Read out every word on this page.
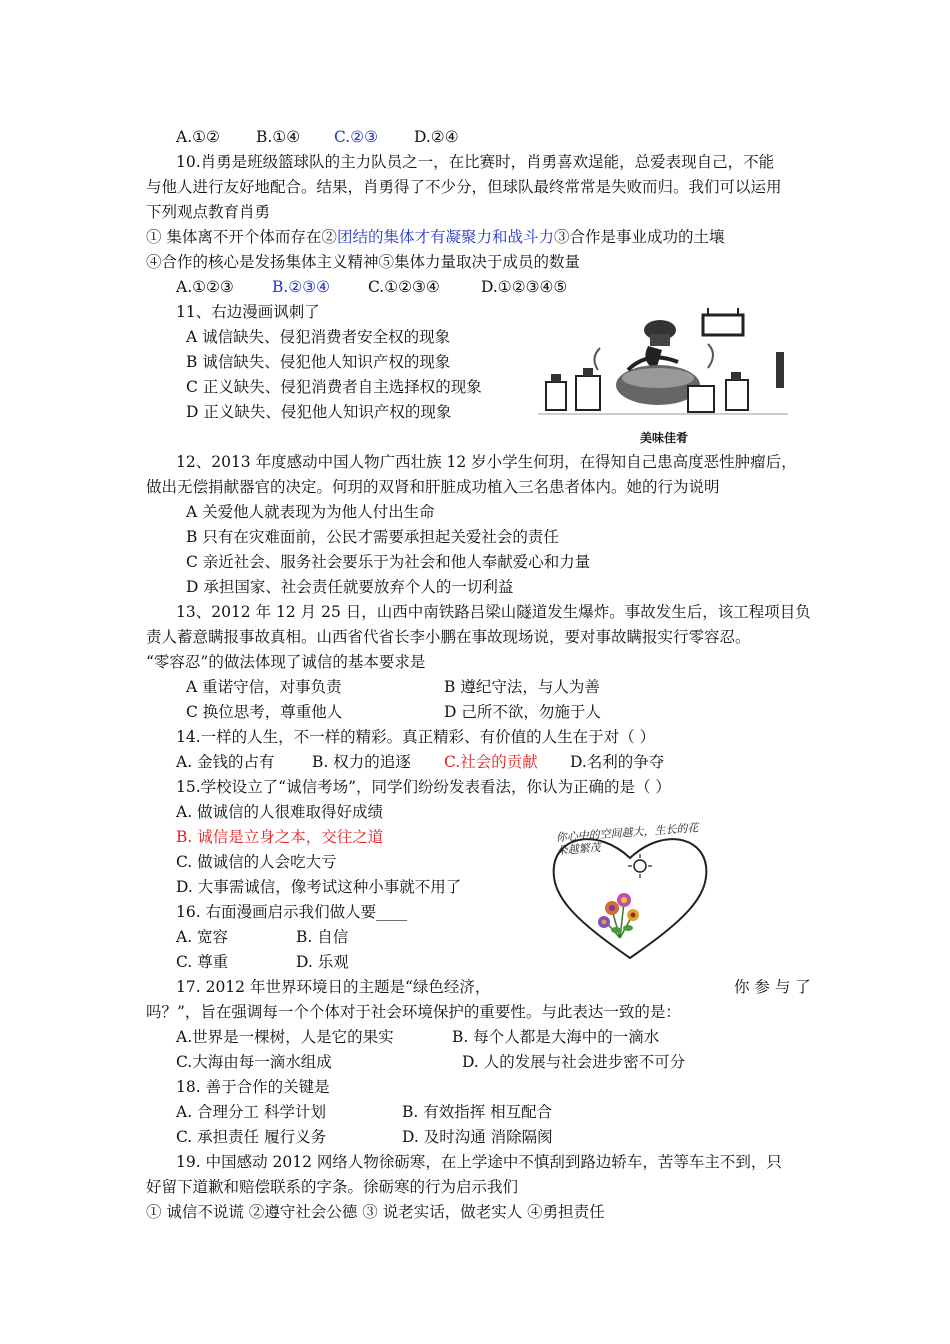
A.①② B.①④ C.②③ D.②④
10.肖勇是班级篮球队的主力队员之一，在比赛时，肖勇喜欢逞能，总爱表现自己，不能
与他人进行友好地配合。结果，肖勇得了不少分，但球队最终常常是失败而归。我们可以运用
下列观点教育肖勇
① 集体离不开个体而存在②团结的集体才有凝聚力和战斗力③合作是事业成功的土壤
④合作的核心是发扬集体主义精神⑤集体力量取决于成员的数量
A.①②③ B.②③④ C.①②③④	D.①②③④⑤
11、右边漫画讽刺了
A 诚信缺失、侵犯消费者安全权的现象
B 诚信缺失、侵犯他人知识产权的现象
C 正义缺失、侵犯消费者自主选择权的现象
D 正义缺失、侵犯他人知识产权的现象
美味佳肴
12、2013 年度感动中国人物广西壮族 12 岁小学生何玥，在得知自己患高度恶性肿瘤后，
做出无偿捐献器官的决定。何玥的双肾和肝脏成功植入三名患者体内。她的行为说明
A 关爱他人就表现为为他人付出生命
B 只有在灾难面前，公民才需要承担起关爱社会的责任
C 亲近社会、服务社会要乐于为社会和他人奉献爱心和力量
D 承担国家、社会责任就要放弃个人的一切利益
13、2012 年 12 月 25 日，山西中南铁路吕梁山隧道发生爆炸。事故发生后，该工程项目负
责人蓄意瞒报事故真相。山西省代省长李小鹏在事故现场说，要对事故瞒报实行零容忍。
“零容忍”的做法体现了诚信的基本要求是
A 重诺守信，对事负责	B 遵纪守法，与人为善
C 换位思考，尊重他人	D 己所不欲，勿施于人
14.一样的人生，不一样的精彩。真正精彩、有价值的人生在于对（ ）
A. 金钱的占有 B. 权力的追逐 C.社会的贡献 D.名利的争夺
15.学校设立了“诚信考场”，同学们纷纷发表看法，你认为正确的是（ ）
A. 做诚信的人很难取得好成绩
B. 诚信是立身之本，交往之道
C. 做诚信的人会吃大亏
D. 大事需诚信，像考试这种小事就不用了
你心中的空间越大，生长的花朵越繁茂
16. 右面漫画启示我们做人要____
A. 宽容	B. 自信
C. 尊重	D. 乐观
17. 2012 年世界环境日的主题是“绿色经济，	你 参 与 了
吗？”，旨在强调每一个个体对于社会环境保护的重要性。与此表达一致的是：
A.世界是一棵树，人是它的果实	B. 每个人都是大海中的一滴水
C.大海由每一滴水组成	D. 人的发展与社会进步密不可分
18. 善于合作的关键是
A. 合理分工 科学计划	B. 有效指挥 相互配合
C. 承担责任 履行义务	D. 及时沟通 消除隔阂
19. 中国感动 2012 网络人物徐砺寒，在上学途中不慎刮到路边轿车，苦等车主不到，只
好留下道歉和赔偿联系的字条。徐砺寒的行为启示我们
① 诚信不说谎 ②遵守社会公德 ③ 说老实话，做老实人 ④勇担责任
